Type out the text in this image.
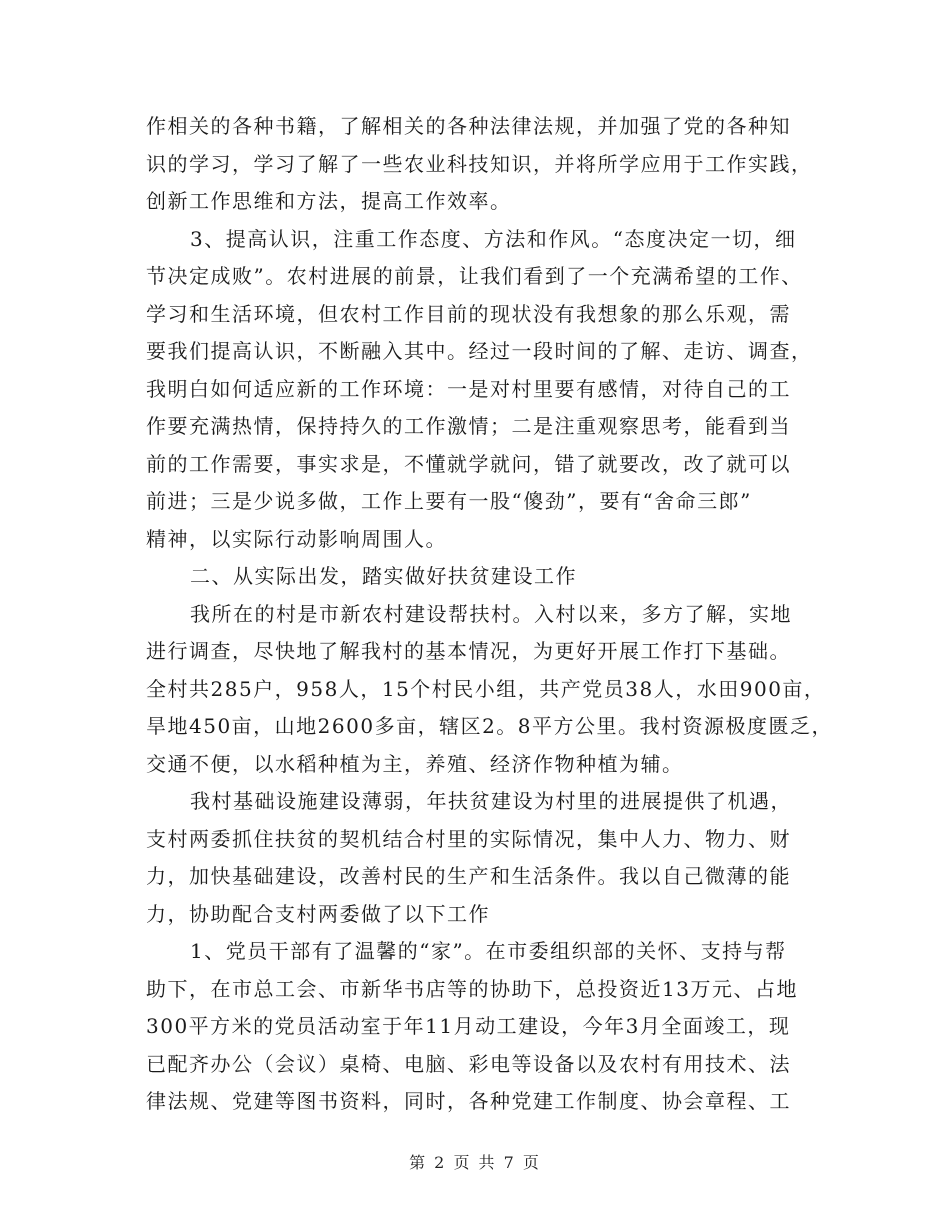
作相关的各种书籍，了解相关的各种法律法规，并加强了党的各种知
识的学习，学习了解了一些农业科技知识，并将所学应用于工作实践，
创新工作思维和方法，提高工作效率。
3、提高认识，注重工作态度、方法和作风。“态度决定一切，细
节决定成败”。农村进展的前景，让我们看到了一个充满希望的工作、
学习和生活环境，但农村工作目前的现状没有我想象的那么乐观，需
要我们提高认识，不断融入其中。经过一段时间的了解、走访、调查，
我明白如何适应新的工作环境：一是对村里要有感情，对待自己的工
作要充满热情，保持持久的工作激情；二是注重观察思考，能看到当
前的工作需要，事实求是，不懂就学就问，错了就要改，改了就可以
前进；三是少说多做，工作上要有一股“傻劲”，要有“舍命三郎”
精神，以实际行动影响周围人。
二、从实际出发，踏实做好扶贫建设工作
我所在的村是市新农村建设帮扶村。入村以来，多方了解，实地
进行调查，尽快地了解我村的基本情况，为更好开展工作打下基础。
全村共285户，958人，15个村民小组，共产党员38人，水田900亩，
旱地450亩，山地2600多亩，辖区2。8平方公里。我村资源极度匮乏，
交通不便，以水稻种植为主，养殖、经济作物种植为辅。
我村基础设施建设薄弱，年扶贫建设为村里的进展提供了机遇，
支村两委抓住扶贫的契机结合村里的实际情况，集中人力、物力、财
力，加快基础建设，改善村民的生产和生活条件。我以自己微薄的能
力，协助配合支村两委做了以下工作
1、党员干部有了温馨的“家”。在市委组织部的关怀、支持与帮
助下，在市总工会、市新华书店等的协助下，总投资近13万元、占地
300平方米的党员活动室于年11月动工建设，今年3月全面竣工，现
已配齐办公（会议）桌椅、电脑、彩电等设备以及农村有用技术、法
律法规、党建等图书资料，同时，各种党建工作制度、协会章程、工
第 2 页 共 7 页
